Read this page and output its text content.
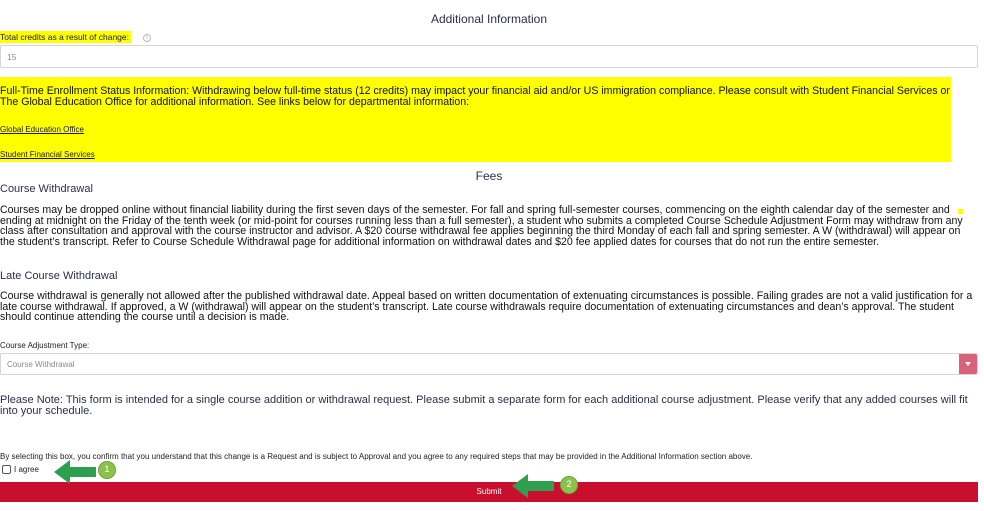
Additional Information
Total credits as a result of change:	i
15
Full-Time Enrollment Status Information: Withdrawing below full-time status (12 credits) may impact your financial aid and/or US immigration compliance. Please consult with Student Financial Services or The Global Education Office for additional information. See links below for departmental information:
Global Education Office
Student Financial Services
Fees
Course Withdrawal
Courses may be dropped online without financial liability during the first seven days of the semester. For fall and spring full-semester courses, commencing on the eighth calendar day of the semester and ending at midnight on the Friday of the tenth week (or mid-point for courses running less than a full semester), a student who submits a completed Course Schedule Adjustment Form may withdraw from any class after consultation and approval with the course instructor and advisor. A $20 course withdrawal fee applies beginning the third Monday of each fall and spring semester. A W (withdrawal) will appear on the student’s transcript. Refer to Course Schedule Withdrawal page for additional information on withdrawal dates and $20 fee applied dates for courses that do not run the entire semester.
Late Course Withdrawal
Course withdrawal is generally not allowed after the published withdrawal date. Appeal based on written documentation of extenuating circumstances is possible. Failing grades are not a valid justification for a late course withdrawal. If approved, a W (withdrawal) will appear on the student’s transcript. Late course withdrawals require documentation of extenuating circumstances and dean’s approval. The student should continue attending the course until a decision is made.
Course Adjustment Type:
Course Withdrawal
Please Note: This form is intended for a single course addition or withdrawal request. Please submit a separate form for each additional course adjustment. Please verify that any added courses will fit into your schedule.
By selecting this box, you confirm that you understand that this change is a Request and is subject to Approval and you agree to any required steps that may be provided in the Additional Information section above.
I agree
Submit
1
2
